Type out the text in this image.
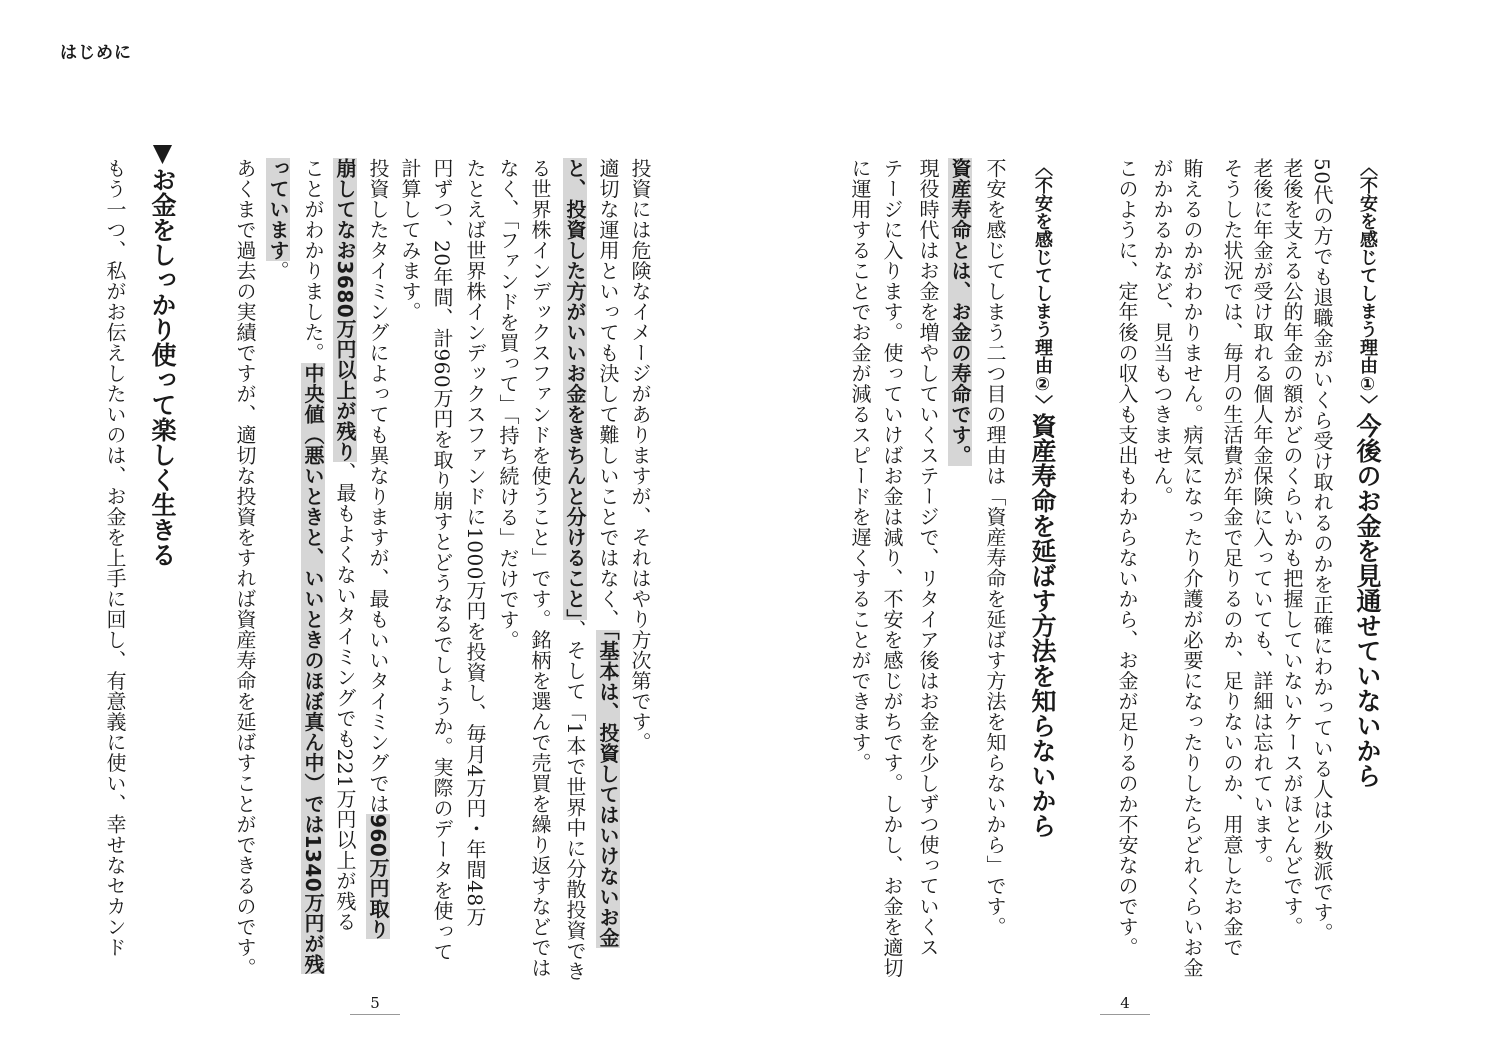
はじめに
〈不安を感じてしまう理由①〉今後のお金を見通せていないから
50代の方でも退職金がいくら受け取れるのかを正確にわかっている人は少数派です。
老後を支える公的年金の額がどのくらいかも把握していないケースがほとんどです。
老後に年金が受け取れる個人年金保険に入っていても、詳細は忘れています。
そうした状況では、毎月の生活費が年金で足りるのか、足りないのか、用意したお金で
賄えるのかがわかりません。病気になったり介護が必要になったりしたらどれくらいお金
がかかるかなど、見当もつきません。
このように、定年後の収入も支出もわからないから、お金が足りるのか不安なのです。
〈不安を感じてしまう理由②〉資産寿命を延ばす方法を知らないから
不安を感じてしまう二つ目の理由は「資産寿命を延ばす方法を知らないから」です。
資産寿命とは、お金の寿命です。
現役時代はお金を増やしていくステージで、リタイア後はお金を少しずつ使っていくス
テージに入ります。使っていけばお金は減り、不安を感じがちです。しかし、お金を適切
に運用することでお金が減るスピードを遅くすることができます。
4
投資には危険なイメージがありますが、それはやり方次第です。
適切な運用といっても決して難しいことではなく、「基本は、投資してはいけないお金
と、投資した方がいいお金をきちんと分けること」、そして「1本で世界中に分散投資でき
る世界株インデックスファンドを使うこと」です。銘柄を選んで売買を繰り返すなどでは
なく、「ファンドを買って」「持ち続ける」だけです。
たとえば世界株インデックスファンドに1000万円を投資し、毎月4万円・年間48万
円ずつ、20年間、計960万円を取り崩すとどうなるでしょうか。実際のデータを使って
計算してみます。
投資したタイミングによっても異なりますが、最もいいタイミングでは960万円取り
崩してなお3680万円以上が残り、最もよくないタイミングでも221万円以上が残る
ことがわかりました。中央値（悪いときと、いいときのほぼ真ん中）では1340万円が残
っています。
あくまで過去の実績ですが、適切な投資をすれば資産寿命を延ばすことができるのです。
▼お金をしっかり使って楽しく生きる
もう一つ、私がお伝えしたいのは、お金を上手に回し、有意義に使い、幸せなセカンド
5
